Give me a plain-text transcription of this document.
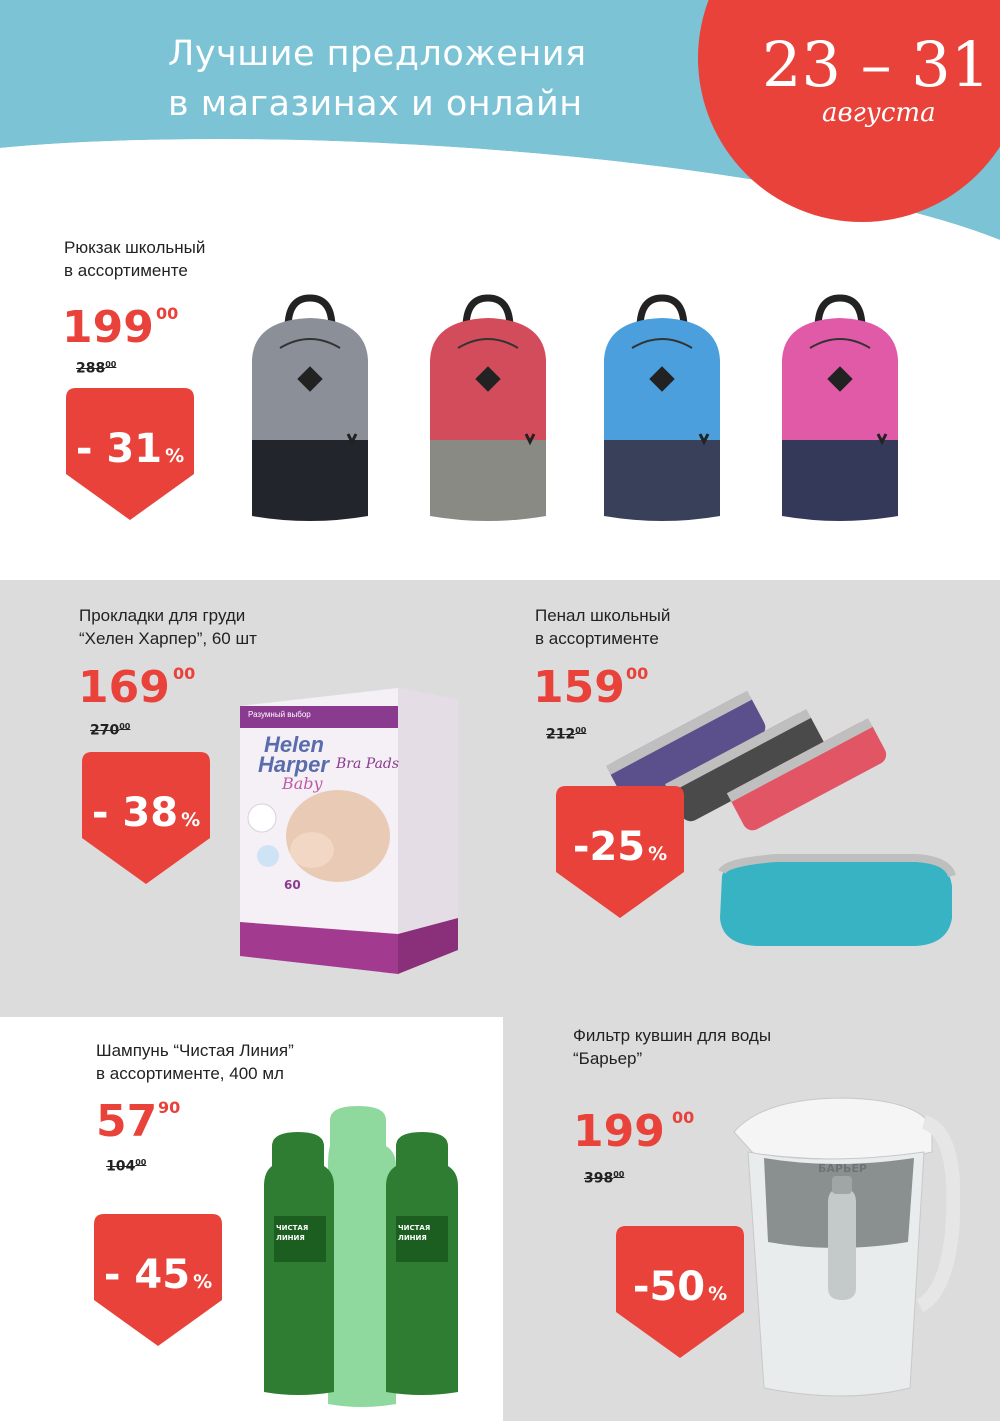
Лучшие предложения
в магазинах и онлайн
23 – 31
августа
Рюкзак школьный
в ассортименте
199 00
$288^{00}$
- 31 %
Прокладки для груди
“Хелен Харпер”, 60 шт
169 00
$270^{00}$
- 38 %
Разумный выбор
Helen
Harper
Baby
Bra Pads
60
Пенал школьный
в ассортименте
159 00
$212^{00}$
-25 %
Шампунь “Чистая Линия”
в ассортименте, 400 мл
57 90
$104^{00}$
- 45 %
ЧИСТАЯ
ЛИНИЯ
ЧИСТАЯ
ЛИНИЯ
Фильтр кувшин для воды
“Барьер”
199 00
$398^{00}$	БАРЬЕР
-50 %
